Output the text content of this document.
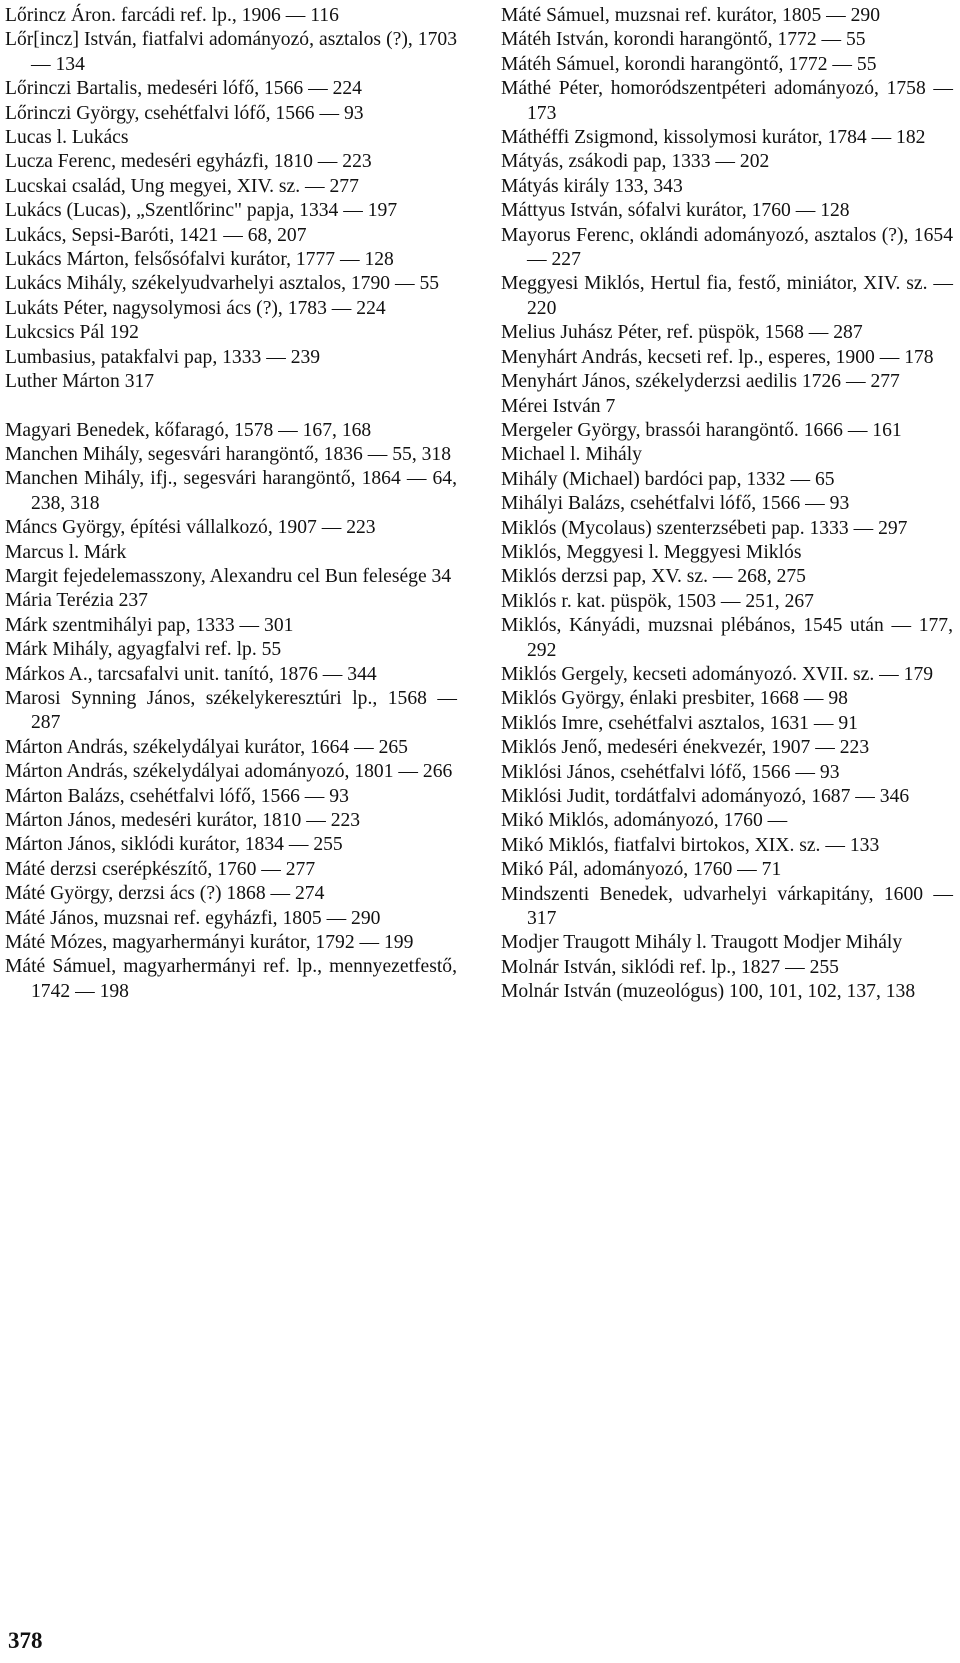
Lőrincz Áron. farcádi ref. lp., 1906 — 116
Lőr[incz] István, fiatfalvi adományozó, asztalos (?), 1703 — 134
Lőrinczi Bartalis, medeséri lófő, 1566 — 224
Lőrinczi György, csehétfalvi lófő, 1566 — 93
Lucas l. Lukács
Lucza Ferenc, medeséri egyházfi, 1810 — 223
Lucskai család, Ung megyei, XIV. sz. — 277
Lukács (Lucas), „Szentlőrinc" papja, 1334 — 197
Lukács, Sepsi-Baróti, 1421 — 68, 207
Lukács Márton, felsősófalvi kurátor, 1777 — 128
Lukács Mihály, székelyudvarhelyi asztalos, 1790 — 55
Lukáts Péter, nagysolymosi ács (?), 1783 — 224
Lukcsics Pál 192
Lumbasius, patakfalvi pap, 1333 — 239
Luther Márton 317
Magyari Benedek, kőfaragó, 1578 — 167, 168
Manchen Mihály, segesvári harangöntő, 1836 — 55, 318
Manchen Mihály, ifj., segesvári harangöntő, 1864 — 64, 238, 318
Máncs György, építési vállalkozó, 1907 — 223
Marcus l. Márk
Margit fejedelemasszony, Alexandru cel Bun felesége 34
Mária Terézia 237
Márk szentmihályi pap, 1333 — 301
Márk Mihály, agyagfalvi ref. lp. 55
Márkos A., tarcsafalvi unit. tanító, 1876 — 344
Marosi Synning János, székelykeresztúri lp., 1568 — 287
Márton András, székelydályai kurátor, 1664 — 265
Márton András, székelydályai adományozó, 1801 — 266
Márton Balázs, csehétfalvi lófő, 1566 — 93
Márton János, medeséri kurátor, 1810 — 223
Márton János, siklódi kurátor, 1834 — 255
Máté derzsi cserépkészítő, 1760 — 277
Máté György, derzsi ács (?) 1868 — 274
Máté János, muzsnai ref. egyházfi, 1805 — 290
Máté Mózes, magyarhermányi kurátor, 1792 — 199
Máté Sámuel, magyarhermányi ref. lp., mennyezetfestő, 1742 — 198
Máté Sámuel, muzsnai ref. kurátor, 1805 — 290
Mátéh István, korondi harangöntő, 1772 — 55
Mátéh Sámuel, korondi harangöntő, 1772 — 55
Máthé Péter, homoródszentpéteri adományozó, 1758 — 173
Máthéffi Zsigmond, kissolymosi kurátor, 1784 — 182
Mátyás, zsákodi pap, 1333 — 202
Mátyás király 133, 343
Máttyus István, sófalvi kurátor, 1760 — 128
Mayorus Ferenc, oklándi adományozó, asztalos (?), 1654 — 227
Meggyesi Miklós, Hertul fia, festő, miniátor, XIV. sz. — 220
Melius Juhász Péter, ref. püspök, 1568 — 287
Menyhárt András, kecseti ref. lp., esperes, 1900 — 178
Menyhárt János, székelyderzsi aedilis 1726 — 277
Mérei István 7
Mergeler György, brassói harangöntő. 1666 — 161
Michael l. Mihály
Mihály (Michael) bardóci pap, 1332 — 65
Mihályi Balázs, csehétfalvi lófő, 1566 — 93
Miklós (Mycolaus) szenterzsébeti pap. 1333 — 297
Miklós, Meggyesi l. Meggyesi Miklós
Miklós derzsi pap, XV. sz. — 268, 275
Miklós r. kat. püspök, 1503 — 251, 267
Miklós, Kányádi, muzsnai plébános, 1545 után — 177, 292
Miklós Gergely, kecseti adományozó. XVII. sz. — 179
Miklós György, énlaki presbiter, 1668 — 98
Miklós Imre, csehétfalvi asztalos, 1631 — 91
Miklós Jenő, medeséri énekvezér, 1907 — 223
Miklósi János, csehétfalvi lófő, 1566 — 93
Miklósi Judit, tordátfalvi adományozó, 1687 — 346
Mikó Miklós, adományozó, 1760 —
Mikó Miklós, fiatfalvi birtokos, XIX. sz. — 133
Mikó Pál, adományozó, 1760 — 71
Mindszenti Benedek, udvarhelyi várkapitány, 1600 — 317
Modjer Traugott Mihály l. Traugott Modjer Mihály
Molnár István, siklódi ref. lp., 1827 — 255
Molnár István (muzeológus) 100, 101, 102, 137, 138
378
